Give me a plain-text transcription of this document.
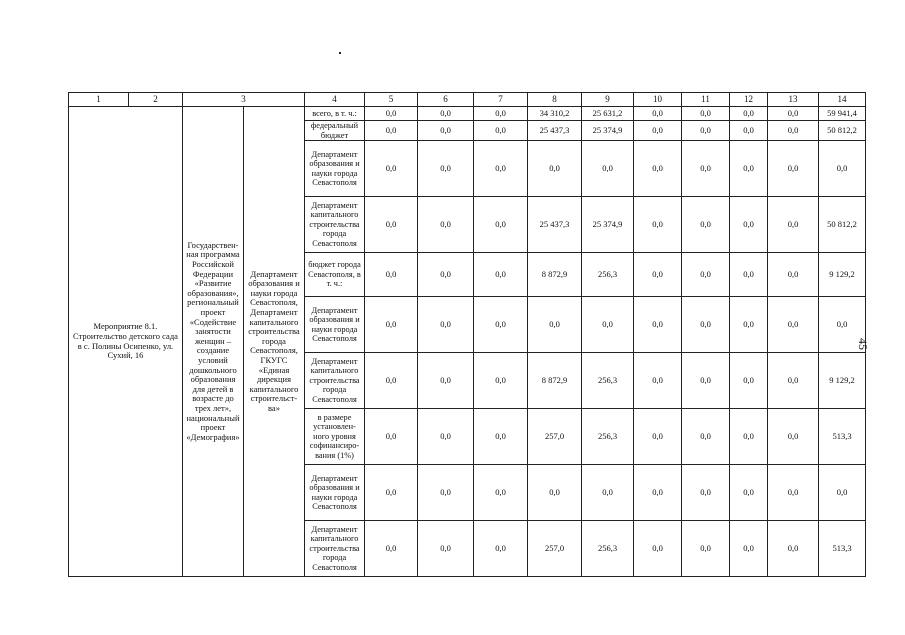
45
1	2	3		4	5	6	7	8	9	10	11	12	13	14
Мероприятие 8.1. Строительство детского сада в с. Полины Осипенко, ул. Сухий, 16		Государствен-ная программа Российской Федерации «Развитие образования», региональный проект «Содействие занятости женщин – создание условий дошкольного образования для детей в возрасте до трех лет», национальный проект «Демография»	Департамент образования и науки города Севастополя, Департамент капитального строительства города Севастополя, ГКУГС «Единая дирекция капитального строительст-ва»	всего, в т. ч.:	0,0	0,0	0,0	34 310,2	25 631,2	0,0	0,0	0,0	0,0	59 941,4
				федеральный бюджет	0,0	0,0	0,0	25 437,3	25 374,9	0,0	0,0	0,0	0,0	50 812,2
				Департамент образования и науки города Севастополя	0,0	0,0	0,0	0,0	0,0	0,0	0,0	0,0	0,0	0,0
				Департамент капитального строительства города Севастополя	0,0	0,0	0,0	25 437,3	25 374,9	0,0	0,0	0,0	0,0	50 812,2
				бюджет города Севастополя, в т. ч.:	0,0	0,0	0,0	8 872,9	256,3	0,0	0,0	0,0	0,0	9 129,2
				Департамент образования и науки города Севастополя	0,0	0,0	0,0	0,0	0,0	0,0	0,0	0,0	0,0	0,0
				Департамент капитального строительства города Севастополя	0,0	0,0	0,0	8 872,9	256,3	0,0	0,0	0,0	0,0	9 129,2
				в размере установлен-ного уровня софинансиро-вания (1%)	0,0	0,0	0,0	257,0	256,3	0,0	0,0	0,0	0,0	513,3
				Департамент образования и науки города Севастополя	0,0	0,0	0,0	0,0	0,0	0,0	0,0	0,0	0,0	0,0
				Департамент капитального строительства города Севастополя	0,0	0,0	0,0	257,0	256,3	0,0	0,0	0,0	0,0	513,3
